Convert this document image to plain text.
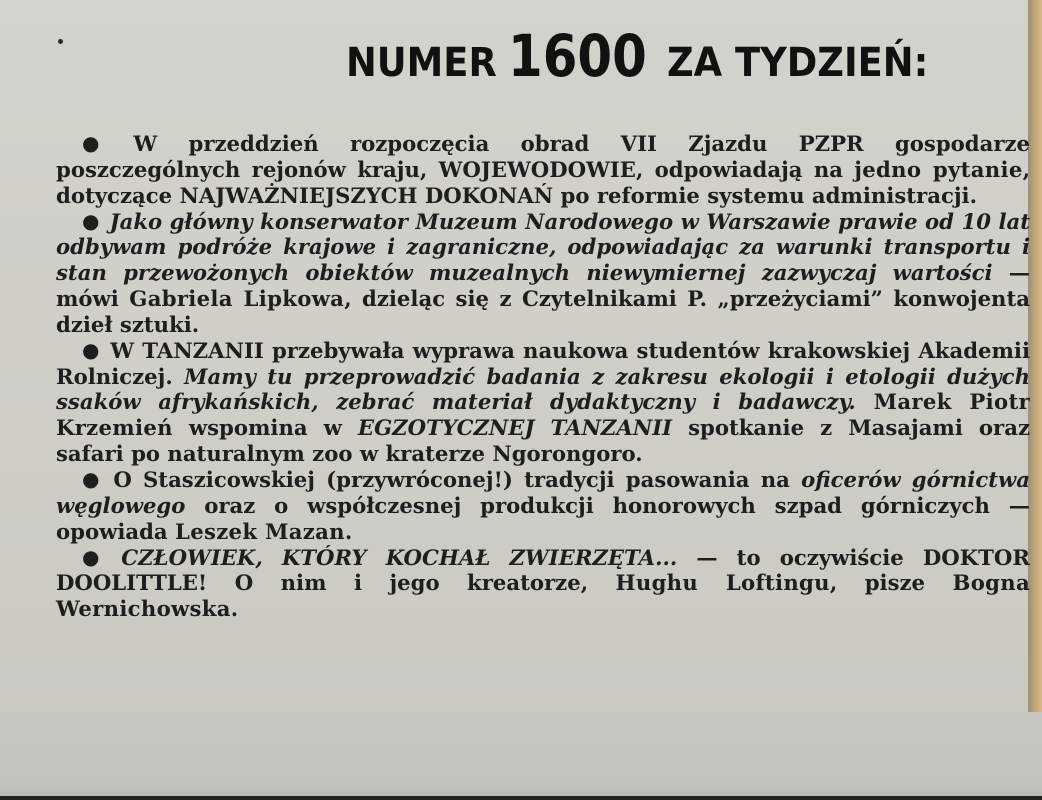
NUMER 1600 ZA TYDZIEŃ:

● W przeddzień rozpoczęcia obrad VII Zjazdu PZPR gospodarze poszczególnych rejonów kraju, WOJEWODOWIE, odpowiadają na jedno pytanie, dotyczące NAJWAŻNIEJSZYCH DOKONAŃ po reformie systemu administracji.

● Jako główny konserwator Muzeum Narodowego w Warszawie prawie od 10 lat odbywam podróże krajowe i zagraniczne, odpowiadając za warunki transportu i stan przewożonych obiektów muzealnych niewymiernej zazwyczaj wartości — mówi Gabriela Lipkowa, dzieląc się z Czytelnikami P. „przeżyciami” konwojenta dzieł sztuki.

● W TANZANII przebywała wyprawa naukowa studentów krakowskiej Akademii Rolniczej. Mamy tu przeprowadzić badania z zakresu ekologii i etologii dużych ssaków afrykańskich, zebrać materiał dydaktyczny i badawczy. Marek Piotr Krzemień wspomina w EGZOTYCZNEJ TANZANII spotkanie z Masajami oraz safari po naturalnym zoo w kraterze Ngorongoro.

● O Staszicowskiej (przywróconej!) tradycji pasowania na oficerów górnictwa węglowego oraz o współczesnej produkcji honorowych szpad górniczych — opowiada Leszek Mazan.

● CZŁOWIEK, KTÓRY KOCHAŁ ZWIERZĘTA... — to oczywiście DOKTOR DOOLITTLE! O nim i jego kreatorze, Hughu Loftingu, pisze Bogna Wernichowska.
